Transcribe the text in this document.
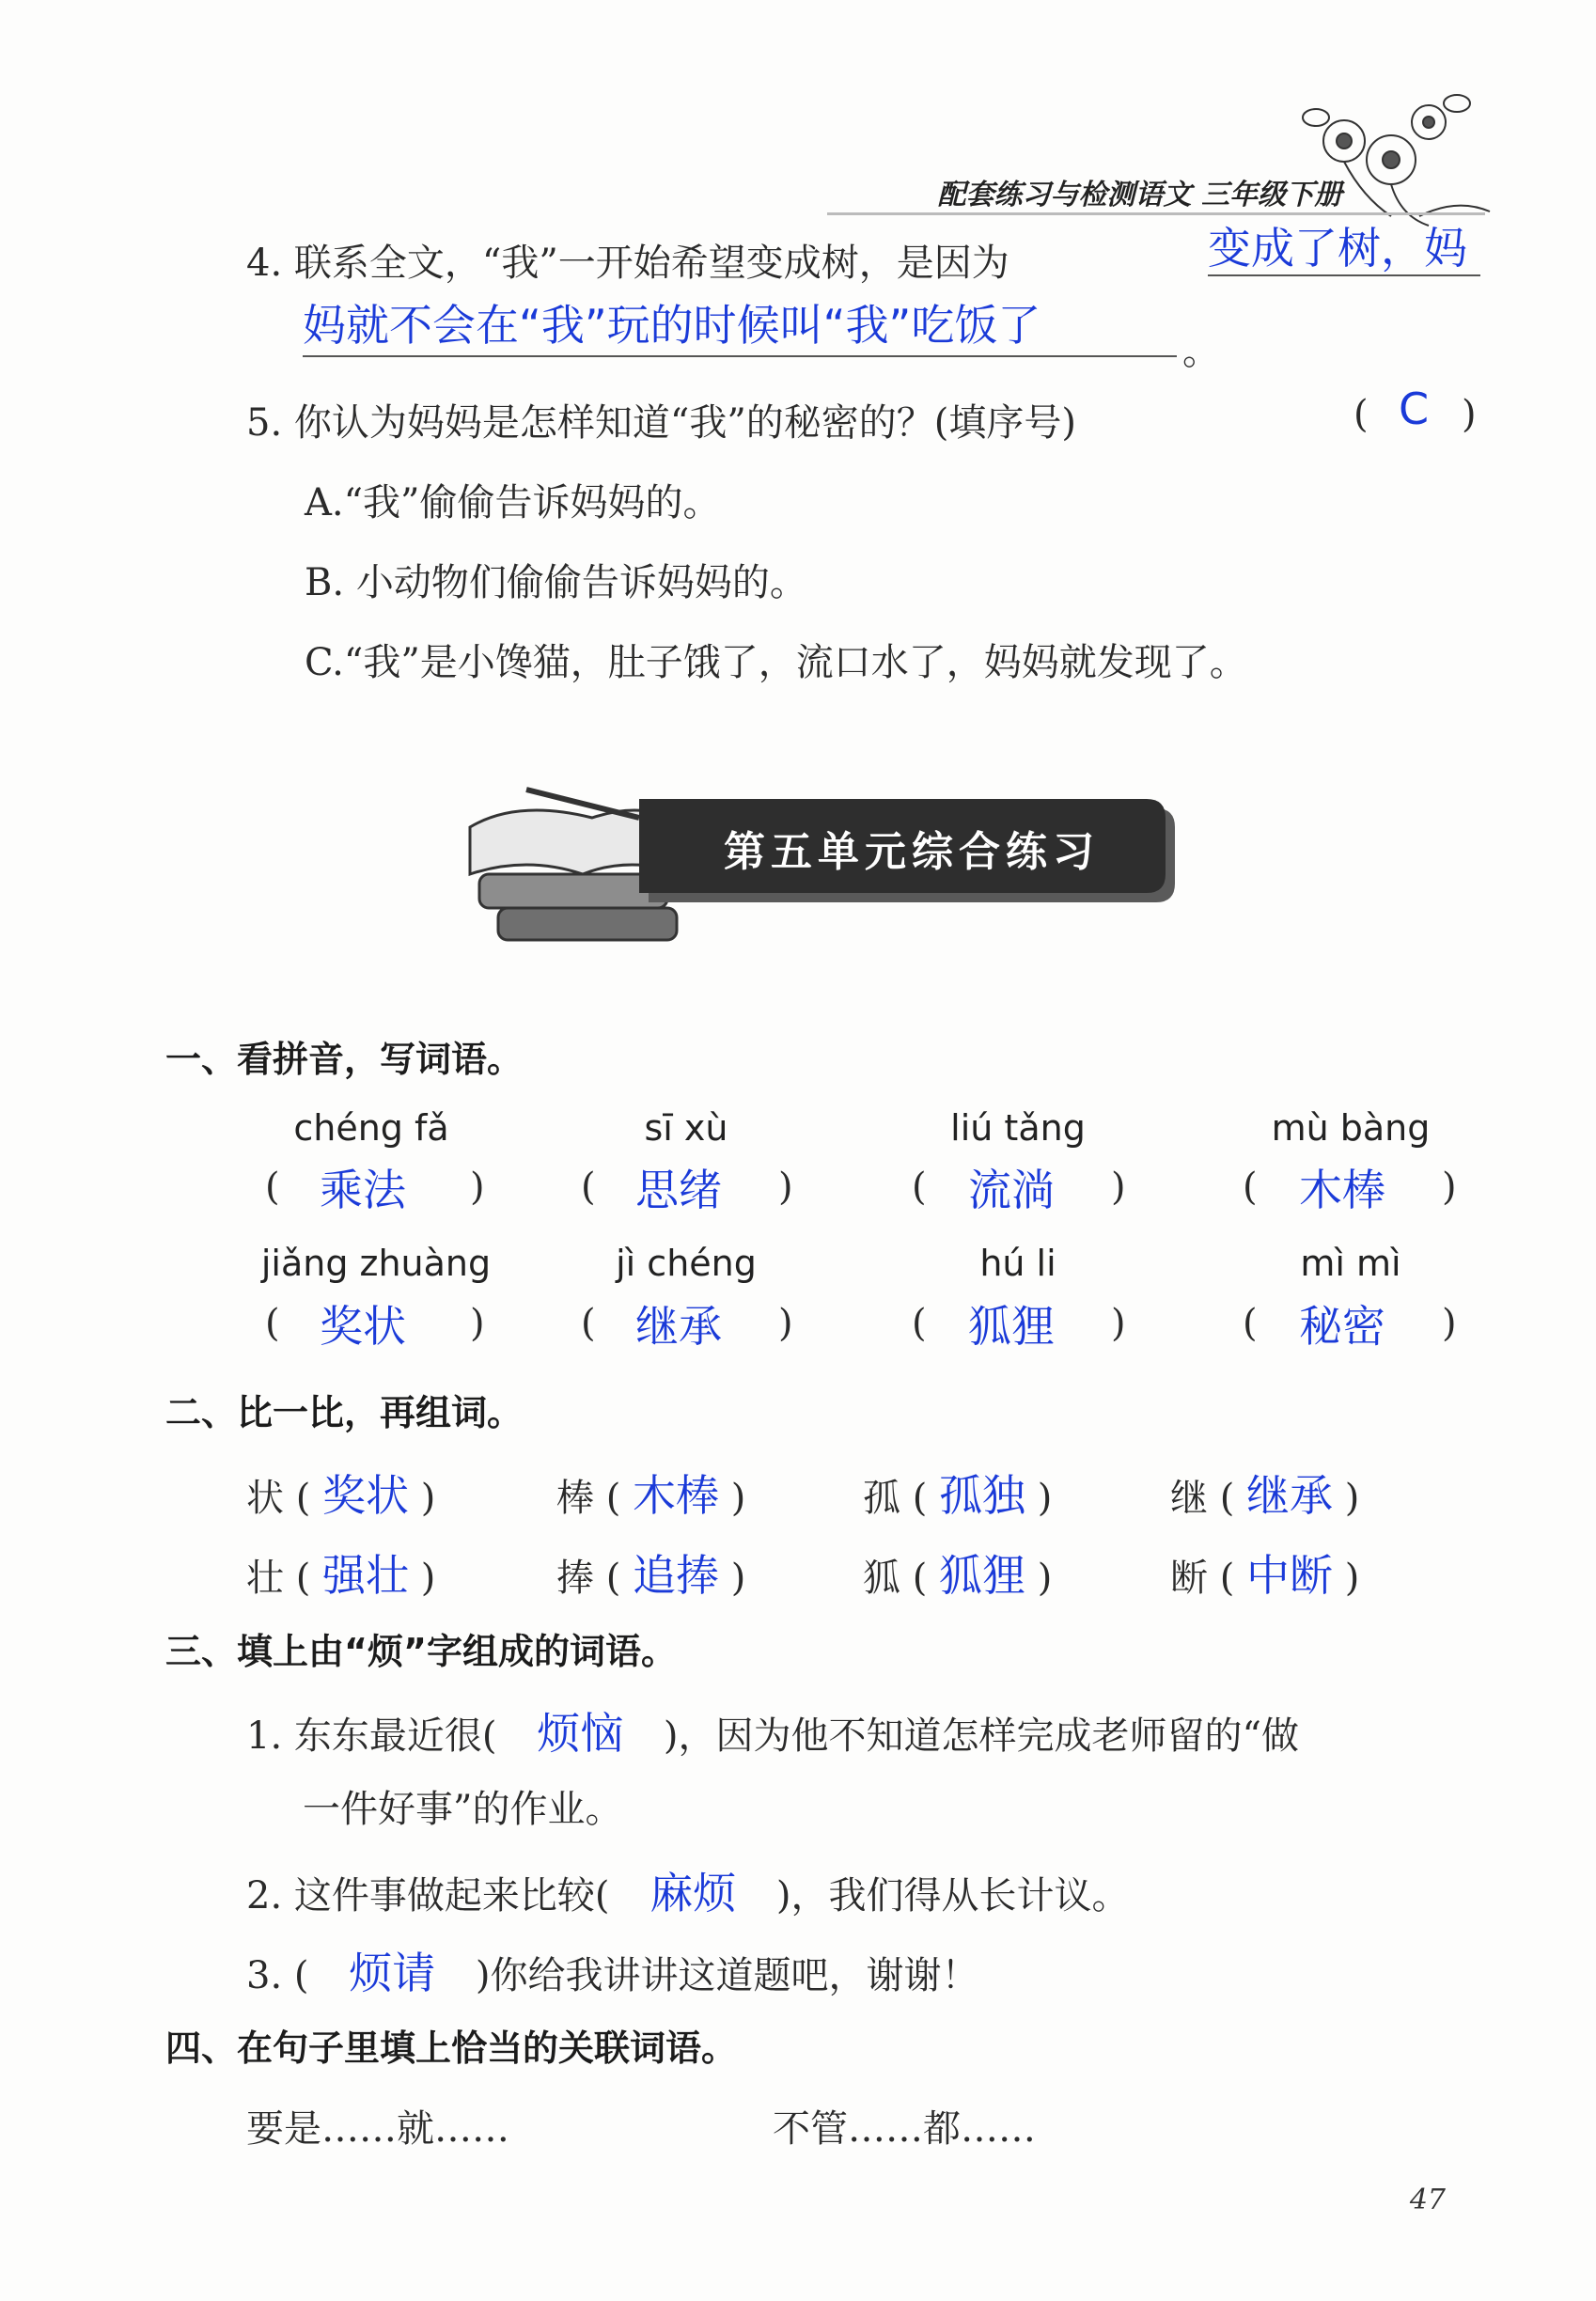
配套练习与检测语文 三年级下册
4. 联系全文，“我”一开始希望变成树，是因为	变成了树，妈
妈就不会在“我”玩的时候叫“我”吃饭了
。
5. 你认为妈妈是怎样知道“我”的秘密的？(填序号)	( C )
A.“我”偷偷告诉妈妈的。
B. 小动物们偷偷告诉妈妈的。
C.“我”是小馋猫，肚子饿了，流口水了，妈妈就发现了。
第五单元综合练习
一、看拼音，写词语。
chéng fǎ	sī xù	liú tǎng	mù bàng
( 乘法 )	( 思绪 )	( 流淌 )	( 木棒 )
jiǎng zhuàng	jì chéng	hú li	mì mì
( 奖状 )	( 继承 )	( 狐狸 )	( 秘密 )
二、比一比，再组词。
状 ( 奖状 )	棒 ( 木棒 )	孤 ( 孤独 )	继 ( 继承 )
壮 ( 强壮 )	捧 ( 追捧 )	狐 ( 狐狸 )	断 ( 中断 )
三、填上由“烦”字组成的词语。
1. 东东最近很( 烦恼 )，因为他不知道怎样完成老师留的“做
一件好事”的作业。
2. 这件事做起来比较( 麻烦 )，我们得从长计议。
3. ( 烦请 )你给我讲讲这道题吧，谢谢！
四、在句子里填上恰当的关联词语。
要是……就……	不管……都……
47
